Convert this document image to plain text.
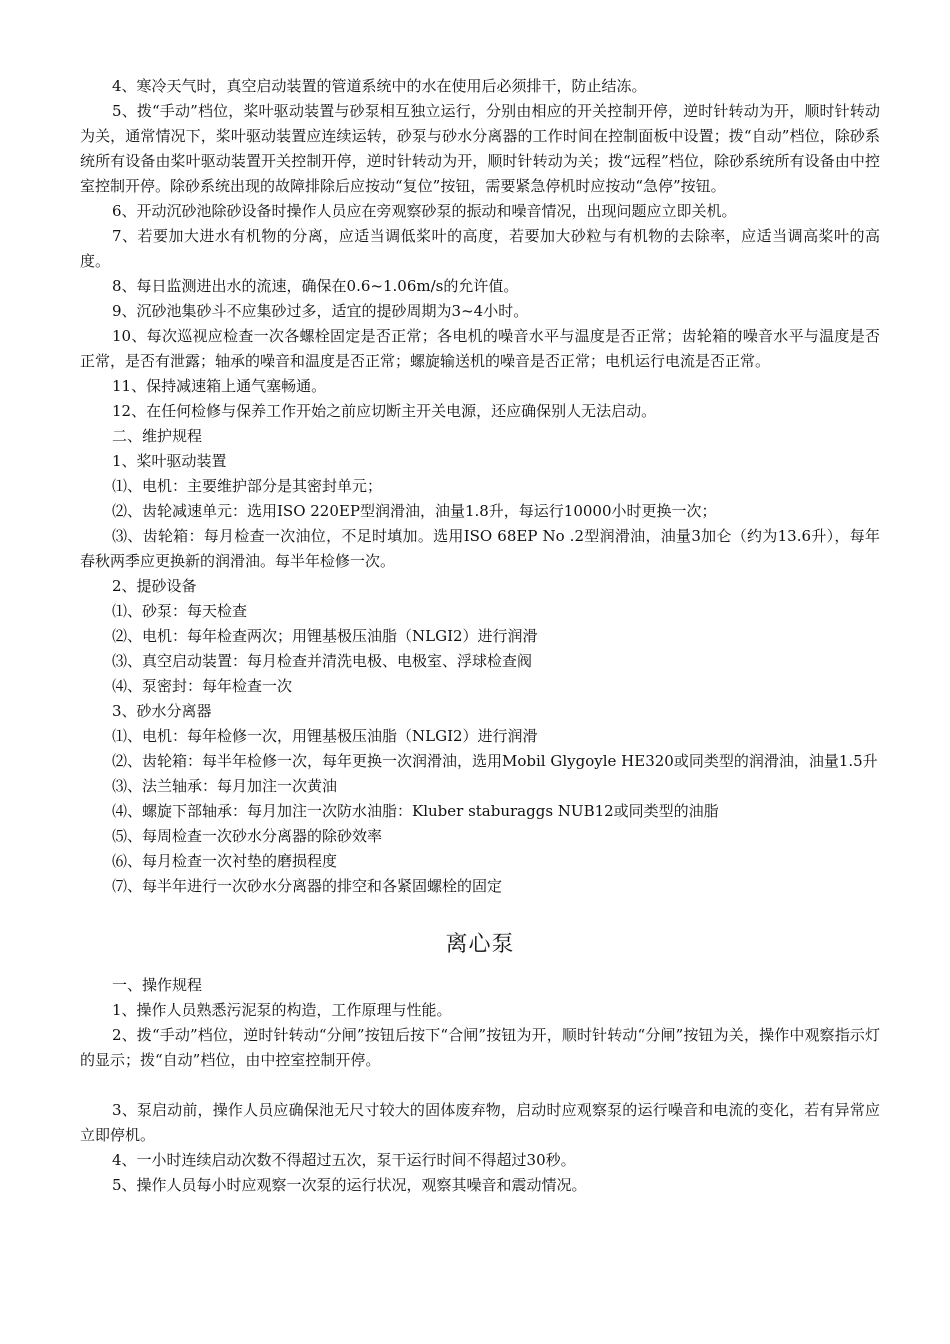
4、寒冷天气时，真空启动装置的管道系统中的水在使用后必须排干，防止结冻。

5、拨“手动”档位，桨叶驱动装置与砂泵相互独立运行，分别由相应的开关控制开停，逆时针转动为开，顺时针转动为关，通常情况下，桨叶驱动装置应连续运转，砂泵与砂水分离器的工作时间在控制面板中设置；拨“自动”档位，除砂系统所有设备由桨叶驱动装置开关控制开停，逆时针转动为开，顺时针转动为关；拨“远程”档位，除砂系统所有设备由中控室控制开停。除砂系统出现的故障排除后应按动“复位”按钮，需要紧急停机时应按动“急停”按钮。

6、开动沉砂池除砂设备时操作人员应在旁观察砂泵的振动和噪音情况，出现问题应立即关机。

7、若要加大进水有机物的分离，应适当调低桨叶的高度，若要加大砂粒与有机物的去除率，应适当调高桨叶的高度。

8、每日监测进出水的流速，确保在0.6~1.06m/s的允许值。

9、沉砂池集砂斗不应集砂过多，适宜的提砂周期为3~4小时。

10、每次巡视应检查一次各螺栓固定是否正常；各电机的噪音水平与温度是否正常；齿轮箱的噪音水平与温度是否正常，是否有泄露；轴承的噪音和温度是否正常；螺旋输送机的噪音是否正常；电机运行电流是否正常。

11、保持减速箱上通气塞畅通。

12、在任何检修与保养工作开始之前应切断主开关电源，还应确保别人无法启动。

二、维护规程

1、桨叶驱动装置

⑴、电机：主要维护部分是其密封单元；

⑵、齿轮减速单元：选用ISO 220EP型润滑油，油量1.8升，每运行10000小时更换一次；

⑶、齿轮箱：每月检查一次油位，不足时填加。选用ISO 68EP No .2型润滑油，油量3加仑（约为13.6升），每年春秋两季应更换新的润滑油。每半年检修一次。

2、提砂设备

⑴、砂泵：每天检查

⑵、电机：每年检查两次；用锂基极压油脂（NLGI2）进行润滑

⑶、真空启动装置：每月检查并清洗电极、电极室、浮球检查阀

⑷、泵密封：每年检查一次

3、砂水分离器

⑴、电机：每年检修一次，用锂基极压油脂（NLGI2）进行润滑

⑵、齿轮箱：每半年检修一次，每年更换一次润滑油，选用Mobil Glygoyle HE320或同类型的润滑油，油量1.5升

⑶、法兰轴承：每月加注一次黄油

⑷、螺旋下部轴承：每月加注一次防水油脂：Kluber staburaggs NUB12或同类型的油脂

⑸、每周检查一次砂水分离器的除砂效率

⑹、每月检查一次衬垫的磨损程度

⑺、每半年进行一次砂水分离器的排空和各紧固螺栓的固定

离心泵

一、操作规程

1、操作人员熟悉污泥泵的构造，工作原理与性能。

2、拨“手动”档位，逆时针转动“分闸”按钮后按下“合闸”按钮为开，顺时针转动“分闸”按钮为关，操作中观察指示灯的显示；拨“自动”档位，由中控室控制开停。

3、泵启动前，操作人员应确保池无尺寸较大的固体废弃物，启动时应观察泵的运行噪音和电流的变化，若有异常应立即停机。

4、一小时连续启动次数不得超过五次，泵干运行时间不得超过30秒。

5、操作人员每小时应观察一次泵的运行状况，观察其噪音和震动情况。
